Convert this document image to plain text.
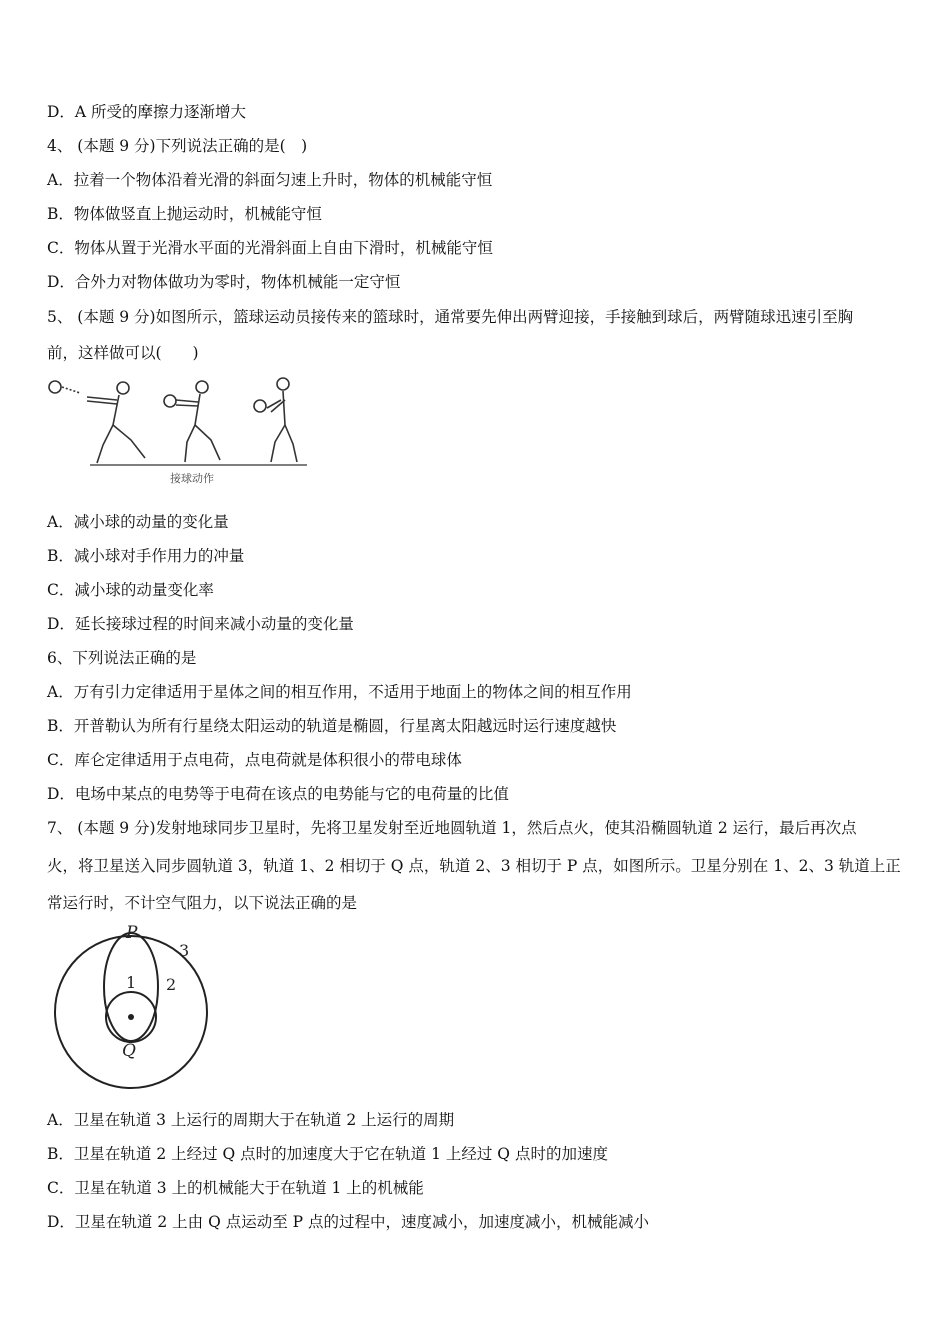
D．A 所受的摩擦力逐渐增大
4、 (本题 9 分)下列说法正确的是(　)
A．拉着一个物体沿着光滑的斜面匀速上升时，物体的机械能守恒
B．物体做竖直上抛运动时，机械能守恒
C．物体从置于光滑水平面的光滑斜面上自由下滑时，机械能守恒
D．合外力对物体做功为零时，物体机械能一定守恒
5、 (本题 9 分)如图所示，篮球运动员接传来的篮球时，通常要先伸出两臂迎接，手接触到球后，两臂随球迅速引至胸
前，这样做可以(　　)
接球动作
A．减小球的动量的变化量
B．减小球对手作用力的冲量
C．减小球的动量变化率
D．延长接球过程的时间来减小动量的变化量
6、下列说法正确的是
A．万有引力定律适用于星体之间的相互作用，不适用于地面上的物体之间的相互作用
B．开普勒认为所有行星绕太阳运动的轨道是椭圆，行星离太阳越远时运行速度越快
C．库仑定律适用于点电荷，点电荷就是体积很小的带电球体
D．电场中某点的电势等于电荷在该点的电势能与它的电荷量的比值
7、 (本题 9 分)发射地球同步卫星时，先将卫星发射至近地圆轨道 1，然后点火，使其沿椭圆轨道 2 运行，最后再次点
火，将卫星送入同步圆轨道 3，轨道 1、2 相切于 Q 点，轨道 2、3 相切于 P 点，如图所示。卫星分别在 1、2、3 轨道上正
常运行时，不计空气阻力，以下说法正确的是
P
Q
3
2
1
A．卫星在轨道 3 上运行的周期大于在轨道 2 上运行的周期
B．卫星在轨道 2 上经过 Q 点时的加速度大于它在轨道 1 上经过 Q 点时的加速度
C．卫星在轨道 3 上的机械能大于在轨道 1 上的机械能
D．卫星在轨道 2 上由 Q 点运动至 P 点的过程中，速度减小，加速度减小，机械能减小
